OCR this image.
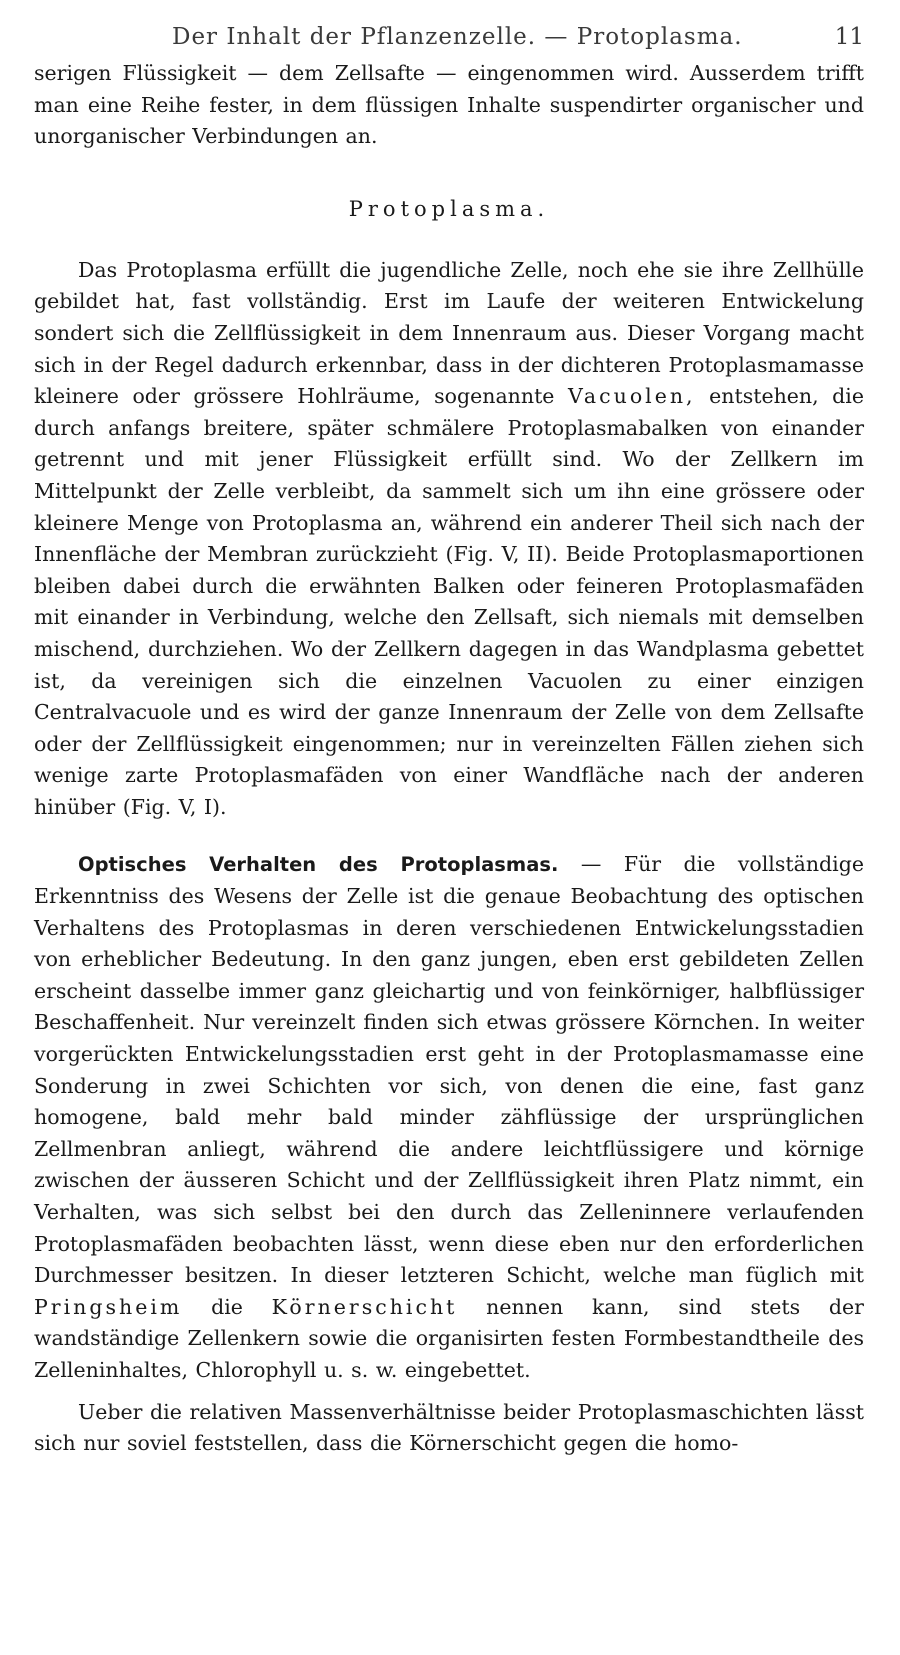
Der Inhalt der Pflanzenzelle. — Protoplasma.	11

serigen Flüssigkeit — dem Zellsafte — eingenommen wird. Ausserdem trifft man eine Reihe fester, in dem flüssigen Inhalte suspendirter organischer und unorganischer Verbindungen an.

Protoplasma.

Das Protoplasma erfüllt die jugendliche Zelle, noch ehe sie ihre Zellhülle gebildet hat, fast vollständig. Erst im Laufe der weiteren Entwickelung sondert sich die Zellflüssigkeit in dem Innenraum aus. Dieser Vorgang macht sich in der Regel dadurch erkennbar, dass in der dichteren Protoplasmamasse kleinere oder grössere Hohlräume, sogenannte Vacuolen, entstehen, die durch anfangs breitere, später schmälere Protoplasmabalken von einander getrennt und mit jener Flüssigkeit erfüllt sind. Wo der Zellkern im Mittelpunkt der Zelle verbleibt, da sammelt sich um ihn eine grössere oder kleinere Menge von Protoplasma an, während ein anderer Theil sich nach der Innenfläche der Membran zurückzieht (Fig. V, II). Beide Protoplasmaportionen bleiben dabei durch die erwähnten Balken oder feineren Protoplasmafäden mit einander in Verbindung, welche den Zellsaft, sich niemals mit demselben mischend, durchziehen. Wo der Zellkern dagegen in das Wandplasma gebettet ist, da vereinigen sich die einzelnen Vacuolen zu einer einzigen Centralvacuole und es wird der ganze Innenraum der Zelle von dem Zellsafte oder der Zellflüssigkeit eingenommen; nur in vereinzelten Fällen ziehen sich wenige zarte Protoplasmafäden von einer Wandfläche nach der anderen hinüber (Fig. V, I).

Optisches Verhalten des Protoplasmas. — Für die vollständige Erkenntniss des Wesens der Zelle ist die genaue Beobachtung des optischen Verhaltens des Protoplasmas in deren verschiedenen Entwickelungsstadien von erheblicher Bedeutung. In den ganz jungen, eben erst gebildeten Zellen erscheint dasselbe immer ganz gleichartig und von feinkörniger, halbflüssiger Beschaffenheit. Nur vereinzelt finden sich etwas grössere Körnchen. In weiter vorgerückten Entwickelungsstadien erst geht in der Protoplasmamasse eine Sonderung in zwei Schichten vor sich, von denen die eine, fast ganz homogene, bald mehr bald minder zähflüssige der ursprünglichen Zellmenbran anliegt, während die andere leichtflüssigere und körnige zwischen der äusseren Schicht und der Zellflüssigkeit ihren Platz nimmt, ein Verhalten, was sich selbst bei den durch das Zelleninnere verlaufenden Protoplasmafäden beobachten lässt, wenn diese eben nur den erforderlichen Durchmesser besitzen. In dieser letzteren Schicht, welche man füglich mit Pringsheim die Körnerschicht nennen kann, sind stets der wandständige Zellenkern sowie die organisirten festen Formbestandtheile des Zelleninhaltes, Chlorophyll u. s. w. eingebettet.

Ueber die relativen Massenverhältnisse beider Protoplasmaschichten lässt sich nur soviel feststellen, dass die Körnerschicht gegen die homo-
